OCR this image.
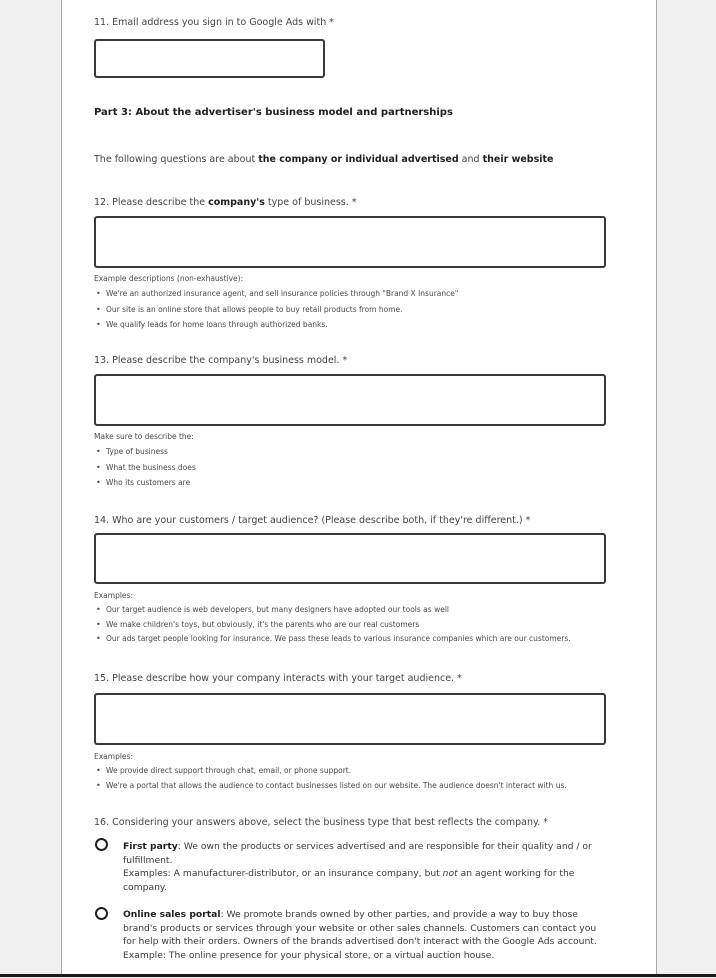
11. Email address you sign in to Google Ads with *
Part 3: About the advertiser's business model and partnerships
The following questions are about the company or individual advertised and their website
12. Please describe the company's type of business. *
Example descriptions (non-exhaustive):
• We're an authorized insurance agent, and sell insurance policies through "Brand X Insurance"
• Our site is an online store that allows people to buy retail products from home.
• We qualify leads for home loans through authorized banks.
13. Please describe the company's business model. *
Make sure to describe the:
• Type of business
• What the business does
• Who its customers are
14. Who are your customers / target audience? (Please describe both, if they're different.) *
Examples:
• Our target audience is web developers, but many designers have adopted our tools as well
• We make children's toys, but obviously, it's the parents who are our real customers
• Our ads target people looking for insurance. We pass these leads to various insurance companies which are our customers.
15. Please describe how your company interacts with your target audience. *
Examples:
• We provide direct support through chat, email, or phone support.
• We're a portal that allows the audience to contact businesses listed on our website. The audience doesn't interact with us.
16. Considering your answers above, select the business type that best reflects the company. *
First party: We own the products or services advertised and are responsible for their quality and / or fulfillment.
Examples: A manufacturer-distributor, or an insurance company, but not an agent working for the company.
Online sales portal: We promote brands owned by other parties, and provide a way to buy those brand's products or services through your website or other sales channels. Customers can contact you for help with their orders. Owners of the brands advertised don't interact with the Google Ads account.
Example: The online presence for your physical store, or a virtual auction house.
